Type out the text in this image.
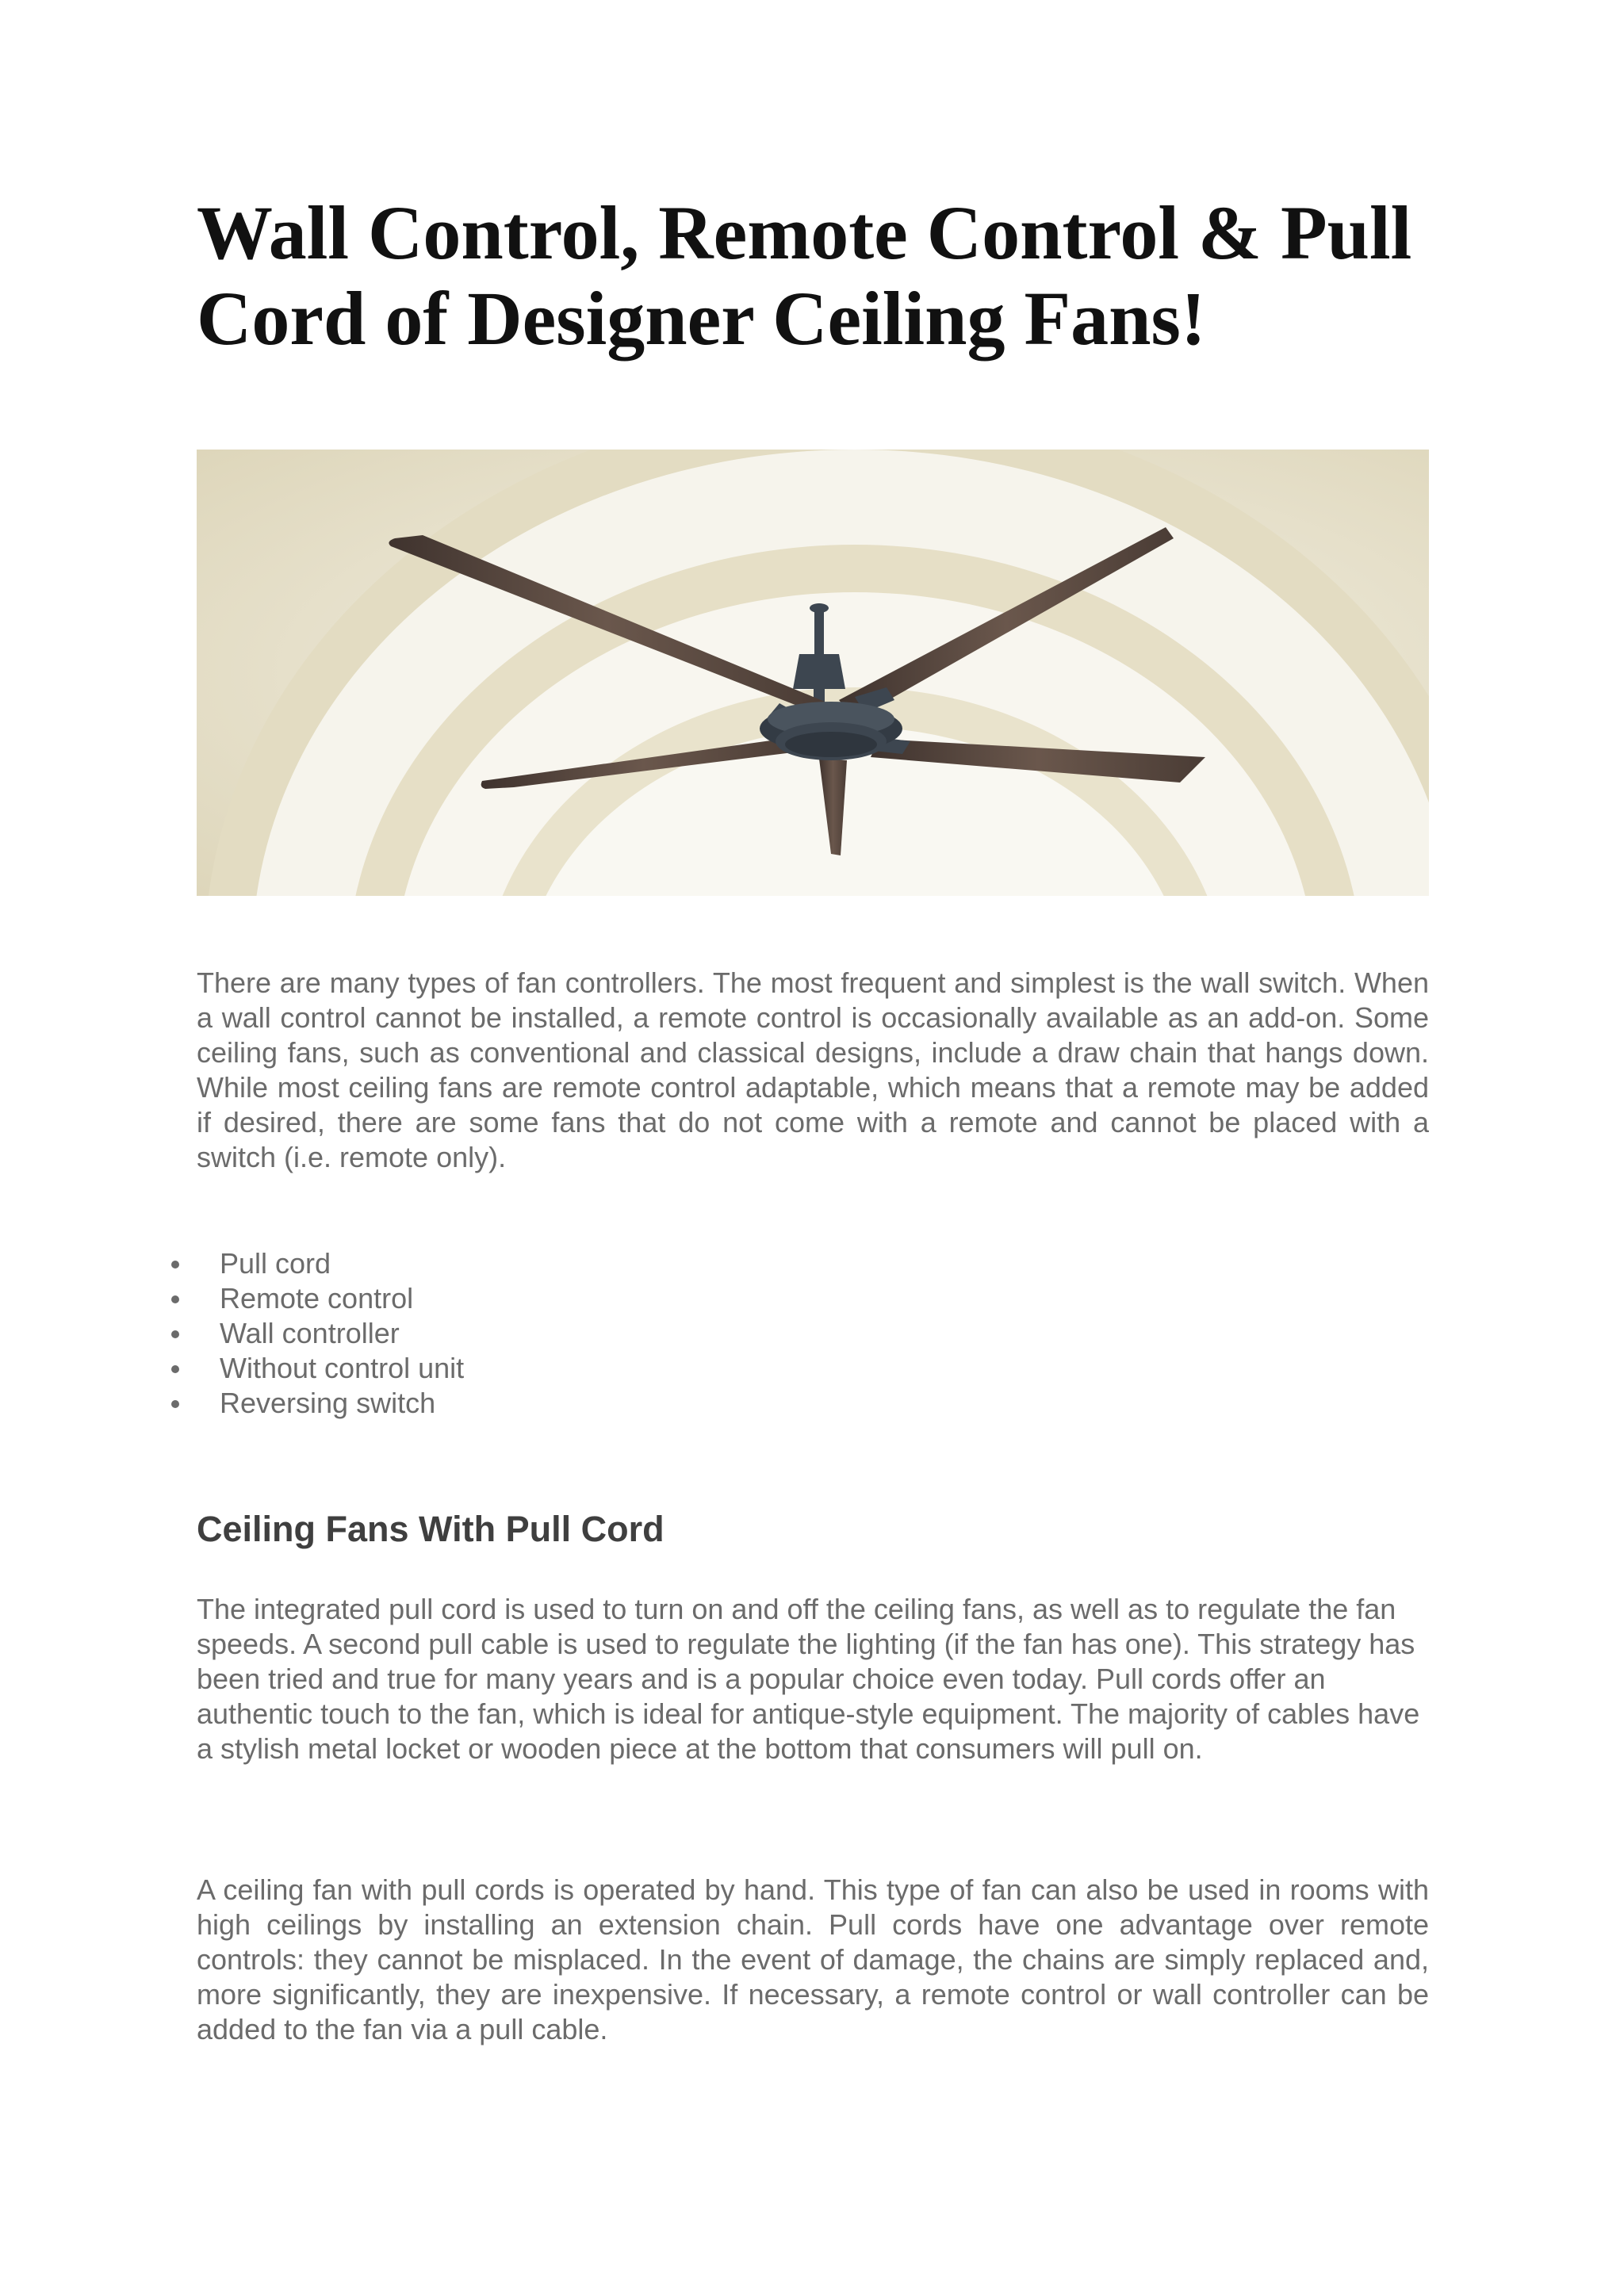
Wall Control, Remote Control & Pull Cord of Designer Ceiling Fans!

There are many types of fan controllers. The most frequent and simplest is the wall switch. When a wall control cannot be installed, a remote control is occasionally available as an add-on. Some ceiling fans, such as conventional and classical designs, include a draw chain that hangs down. While most ceiling fans are remote control adaptable, which means that a remote may be added if desired, there are some fans that do not come with a remote and cannot be placed with a switch (i.e. remote only).

Pull cord
Remote control
Wall controller
Without control unit
Reversing switch
Ceiling Fans With Pull Cord

The integrated pull cord is used to turn on and off the ceiling fans, as well as to regulate the fan speeds. A second pull cable is used to regulate the lighting (if the fan has one). This strategy has been tried and true for many years and is a popular choice even today. Pull cords offer an authentic touch to the fan, which is ideal for antique-style equipment. The majority of cables have a stylish metal locket or wooden piece at the bottom that consumers will pull on.

A ceiling fan with pull cords is operated by hand. This type of fan can also be used in rooms with high ceilings by installing an extension chain. Pull cords have one advantage over remote controls: they cannot be misplaced. In the event of damage, the chains are simply replaced and, more significantly, they are inexpensive. If necessary, a remote control or wall controller can be added to the fan via a pull cable.
